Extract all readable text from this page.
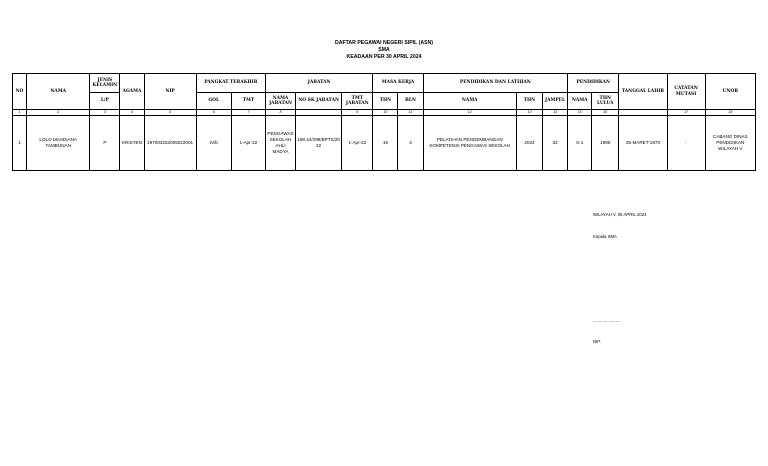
DAFTAR PEGAWAI NEGERI SIPIL (ASN)
SMA
KEADAAN PER 30 APRIL 2024
NO	NAMA	JENIS KELAMIN	AGAMA	NIP	PANGKAT TERAKHIR		JABATAN			MASA KERJA		PENDIDIKAN DAN LATIHAN			PENDIDIKAN		TANGGAL LAHIR	CATATAN MUTASI	UNOR
		L/P			GOL	TMT	NAMA JABATAN	NO SK JABATAN	TMT JABATAN	THN	BLN	NAMA	THN	JAMPEL	NAMA	THN LULUS			
1	2	3	4	5	6	7	8		9	10	11	12	13	14	15	16		17	18
1	LOLO MASDIANA TAMBUNAN	P	KRISTEN	197003252005022001	IV/b	1-Apr-22	PENGAWAS SEKOLAH AHLI MADYA	188.44/299/BPTS/2022	1-Apr-22	19	3	PELATIHAN PENGEMBANGAN KOMPETENSI PENGAWAS SEKOLAH	2024	32	S-1	1996	25-MARET-1970	-	CABANG DINAS PENDIDIKAN WILAYAH V
WILAYAH V, 06 APRIL 2024
Kepala SMA
........................
NIP.
